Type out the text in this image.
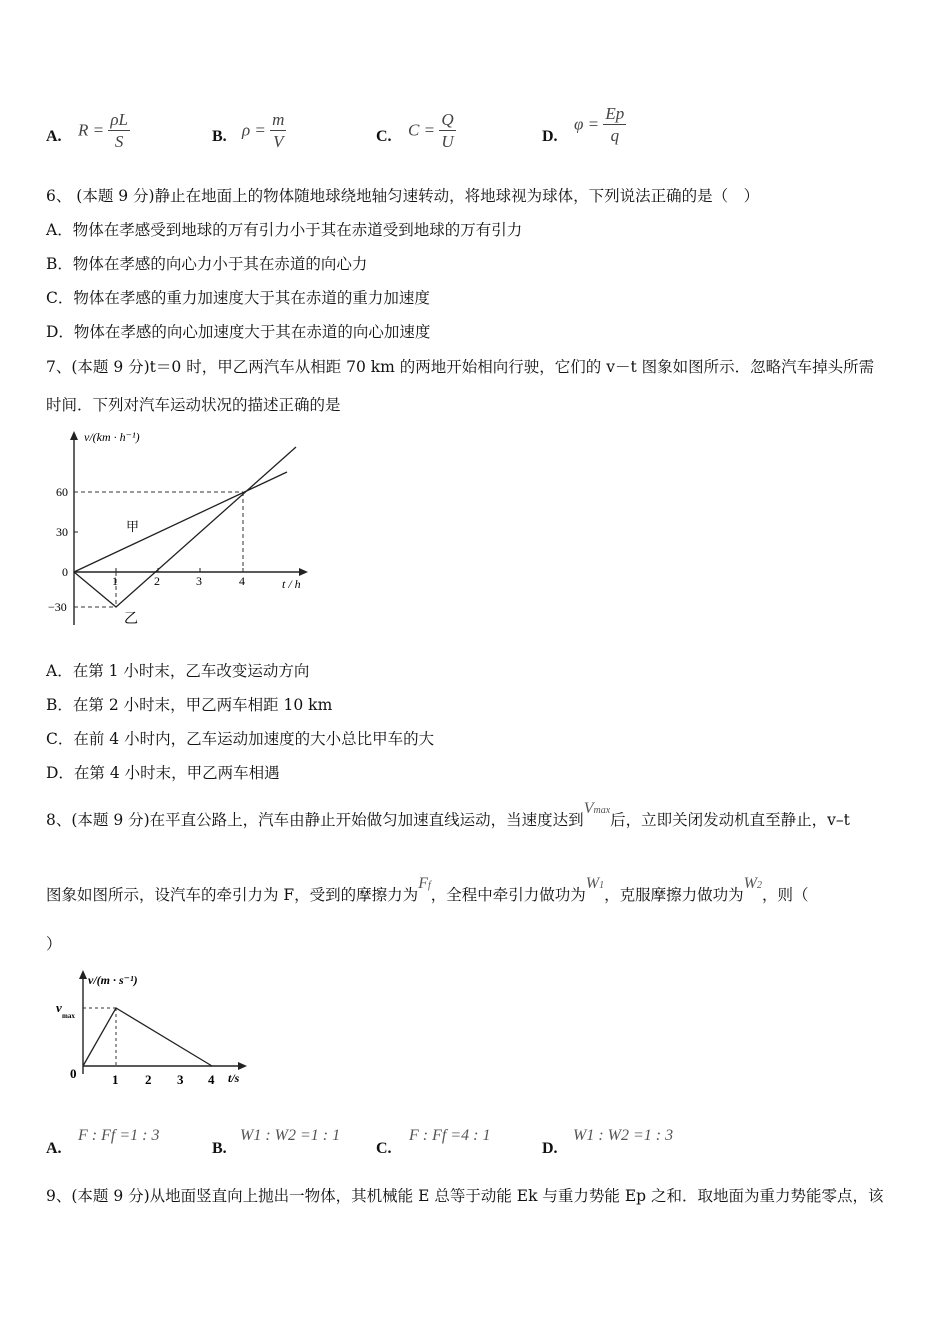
A. $R = \frac{\rho L}{S}$	B. $\rho = \frac{m}{V}$	C. $C = \frac{Q}{U}$	D.
$\varphi = \frac{Ep}{q}$
6、 (本题 9 分)静止在地面上的物体随地球绕地轴匀速转动，将地球视为球体，下列说法正确的是（　）
A．物体在孝感受到地球的万有引力小于其在赤道受到地球的万有引力
B．物体在孝感的向心力小于其在赤道的向心力
C．物体在孝感的重力加速度大于其在赤道的重力加速度
D．物体在孝感的向心加速度大于其在赤道的向心加速度
7、(本题 9 分)t＝0 时，甲乙两汽车从相距 70 km 的两地开始相向行驶，它们的 v－t 图象如图所示．忽略汽车掉头所需
时间．下列对汽车运动状况的描述正确的是
v/(km · h⁻¹)
t / h
60
30
0
−30
1	2	3	4
甲
乙
A．在第 1 小时末，乙车改变运动方向
B．在第 2 小时末，甲乙两车相距 10 km
C．在前 4 小时内，乙车运动加速度的大小总比甲车的大
D．在第 4 小时末，甲乙两车相遇
8、(本题 9 分)在平直公路上，汽车由静止开始做匀加速直线运动，当速度达到Vmax后，立即关闭发动机直至静止，v–t
图象如图所示，设汽车的牵引力为 F，受到的摩擦力为Ff，全程中牵引力做功为W1，克服摩擦力做功为W2，则（
）
v/(m · s⁻¹)
t/s
v
max
0	1 2 3 4
A.
F : Ff =1 : 3
B.
W1 : W2 =1 : 1
C.
F : Ff =4 : 1
D.
W1 : W2 =1 : 3
9、(本题 9 分)从地面竖直向上抛出一物体，其机械能 E 总等于动能 Ek 与重力势能 Ep 之和．取地面为重力势能零点，该
